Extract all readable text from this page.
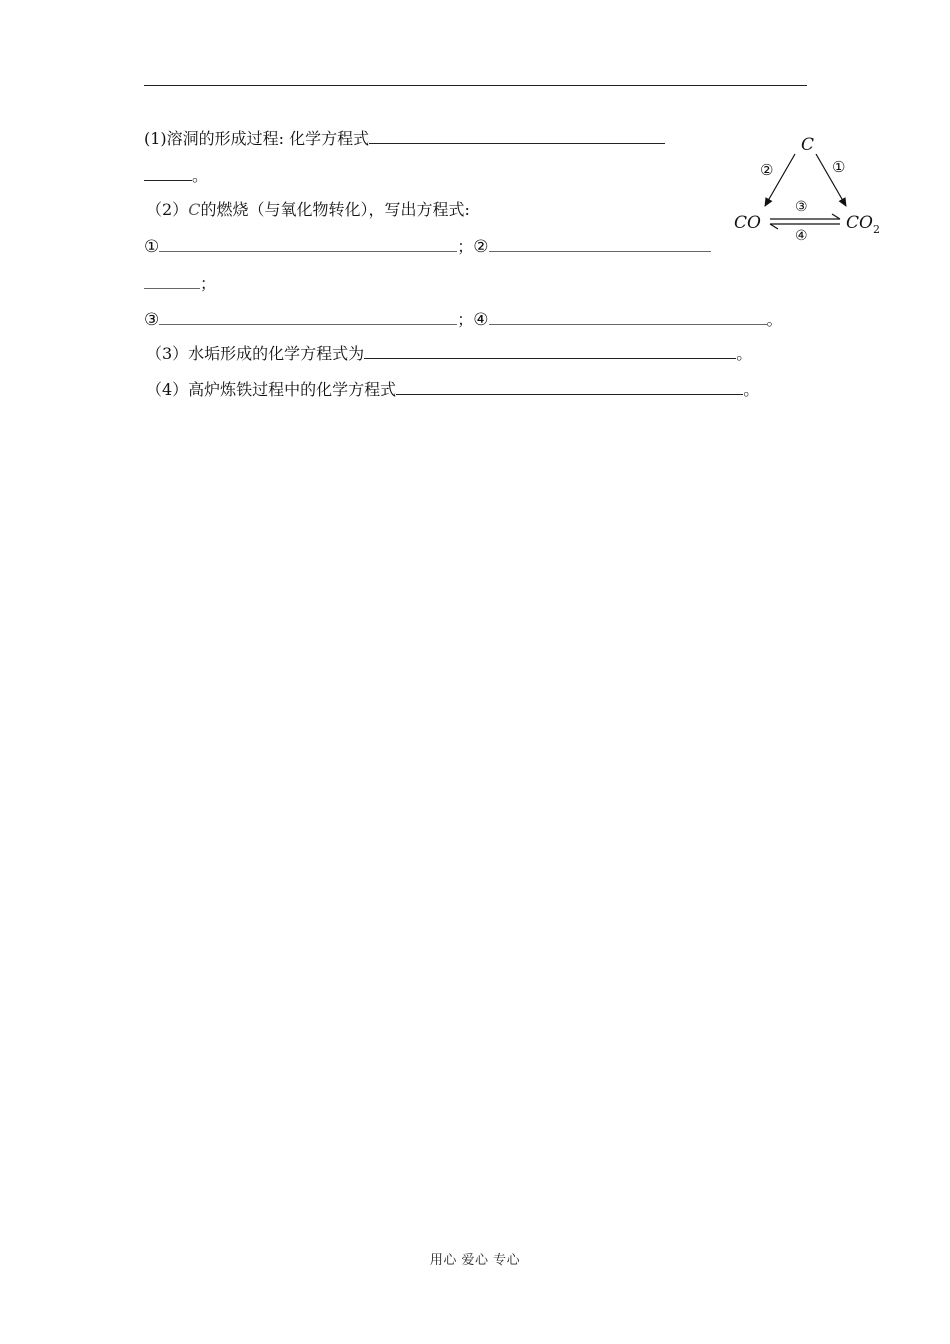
(1)溶洞的形成过程: 化学方程式
。
（2）C的燃烧（与氧化物转化），写出方程式:
①	；②
；
③	；④	。
（3）水垢形成的化学方程式为	。
（4）高炉炼铁过程中的化学方程式	。
C
②	①
CO	$CO_2$
③
④
用心 爱心 专心
